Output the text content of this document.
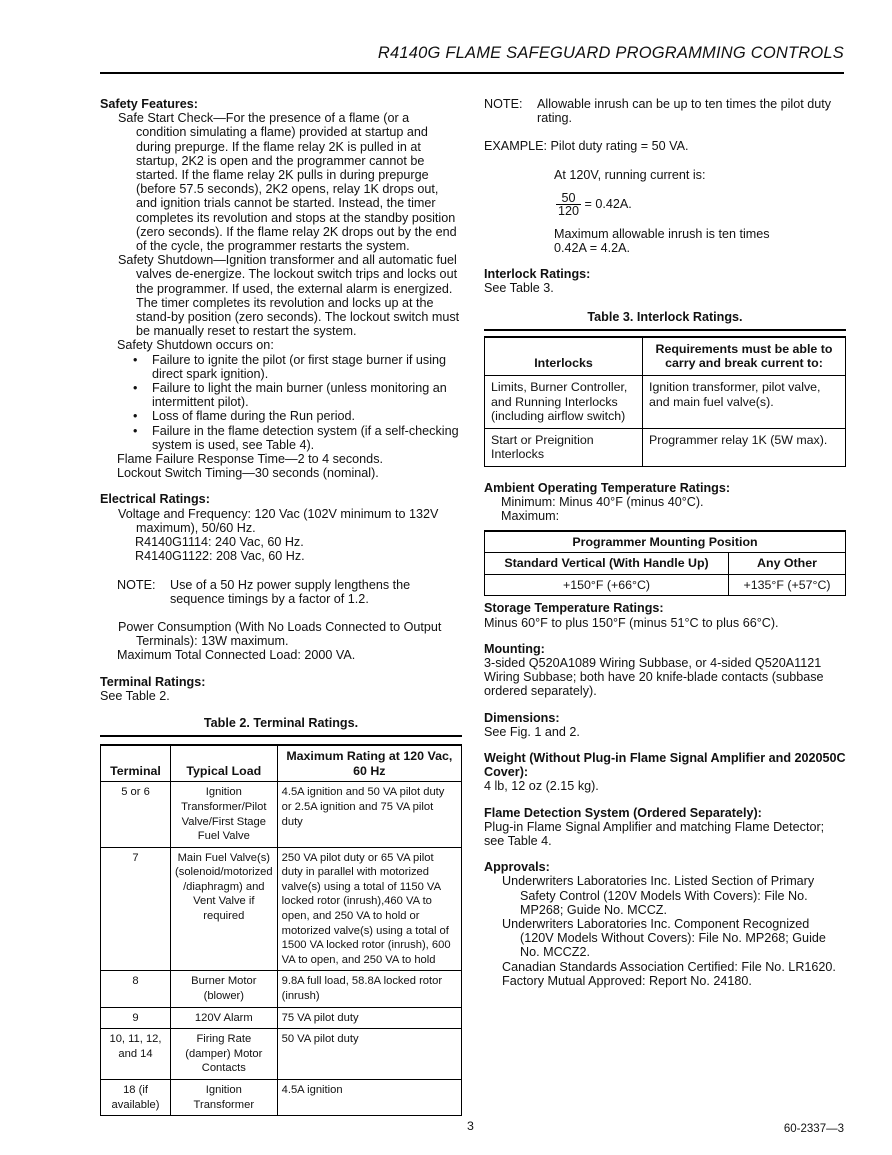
R4140G FLAME SAFEGUARD PROGRAMMING CONTROLS
Safety Features:
Safe Start Check—For the presence of a flame (or a condition simulating a flame) provided at startup and during prepurge. If the flame relay 2K is pulled in at startup, 2K2 is open and the programmer cannot be started. If the flame relay 2K pulls in during prepurge (before 57.5 seconds), 2K2 opens, relay 1K drops out, and ignition trials cannot be started. Instead, the timer completes its revolution and stops at the standby position (zero seconds). If the flame relay 2K drops out by the end of the cycle, the programmer restarts the system.
Safety Shutdown—Ignition transformer and all automatic fuel valves de-energize. The lockout switch trips and locks out the programmer. If used, the external alarm is energized. The timer completes its revolution and locks up at the stand-by position (zero seconds). The lockout switch must be manually reset to restart the system.
Safety Shutdown occurs on:
• Failure to ignite the pilot (or first stage burner if using direct spark ignition).
• Failure to light the main burner (unless monitoring an intermittent pilot).
• Loss of flame during the Run period.
• Failure in the flame detection system (if a self-checking system is used, see Table 4).
Flame Failure Response Time—2 to 4 seconds.
Lockout Switch Timing—30 seconds (nominal).
Electrical Ratings:
Voltage and Frequency: 120 Vac (102V minimum to 132V maximum), 50/60 Hz.
R4140G1114: 240 Vac, 60 Hz.
R4140G1122: 208 Vac, 60 Hz.
NOTE:	Use of a 50 Hz power supply lengthens the sequence timings by a factor of 1.2.
Power Consumption (With No Loads Connected to Output Terminals): 13W maximum.
Maximum Total Connected Load: 2000 VA.
Terminal Ratings:
See Table 2.
Table 2. Terminal Ratings.
Terminal	Typical Load	Maximum Rating at 120 Vac, 60 Hz
5 or 6	Ignition Transformer/Pilot Valve/First Stage Fuel Valve	4.5A ignition and 50 VA pilot duty or 2.5A ignition and 75 VA pilot duty
7	Main Fuel Valve(s) (solenoid/motorized /diaphragm) and Vent Valve if required	250 VA pilot duty or 65 VA pilot duty in parallel with motorized valve(s) using a total of 1150 VA locked rotor (inrush),460 VA to open, and 250 VA to hold or motorized valve(s) using a total of 1500 VA locked rotor (inrush), 600 VA to open, and 250 VA to hold
8	Burner Motor (blower)	9.8A full load, 58.8A locked rotor (inrush)
9	120V Alarm	75 VA pilot duty
10, 11, 12, and 14	Firing Rate (damper) Motor Contacts	50 VA pilot duty
18 (if available)	Ignition Transformer	4.5A ignition
NOTE:	Allowable inrush can be up to ten times the pilot duty rating.
EXAMPLE: Pilot duty rating = 50 VA.
At 120V, running current is:
$\frac{50}{120} = 0.42A$.
Maximum allowable inrush is ten times
0.42A = 4.2A.
Interlock Ratings:
See Table 3.
Table 3. Interlock Ratings.
Interlocks	Requirements must be able to carry and break current to:
Limits, Burner Controller, and Running Interlocks (including airflow switch)	Ignition transformer, pilot valve, and main fuel valve(s).
Start or Preignition Interlocks	Programmer relay 1K (5W max).
Ambient Operating Temperature Ratings:
Minimum: Minus 40°F (minus 40°C).
Maximum:
Programmer Mounting Position	
Standard Vertical (With Handle Up)	Any Other
+150°F (+66°C)	+135°F (+57°C)
Storage Temperature Ratings:
Minus 60°F to plus 150°F (minus 51°C to plus 66°C).
Mounting:
3-sided Q520A1089 Wiring Subbase, or 4-sided Q520A1121 Wiring Subbase; both have 20 knife-blade contacts (subbase ordered separately).
Dimensions:
See Fig. 1 and 2.
Weight (Without Plug-in Flame Signal Amplifier and 202050C Cover):
4 lb, 12 oz (2.15 kg).
Flame Detection System (Ordered Separately):
Plug-in Flame Signal Amplifier and matching Flame Detector; see Table 4.
Approvals:
Underwriters Laboratories Inc. Listed Section of Primary Safety Control (120V Models With Covers): File No. MP268; Guide No. MCCZ.
Underwriters Laboratories Inc. Component Recognized (120V Models Without Covers): File No. MP268; Guide No. MCCZ2.
Canadian Standards Association Certified: File No. LR1620.
Factory Mutual Approved: Report No. 24180.
3	60-2337—3
